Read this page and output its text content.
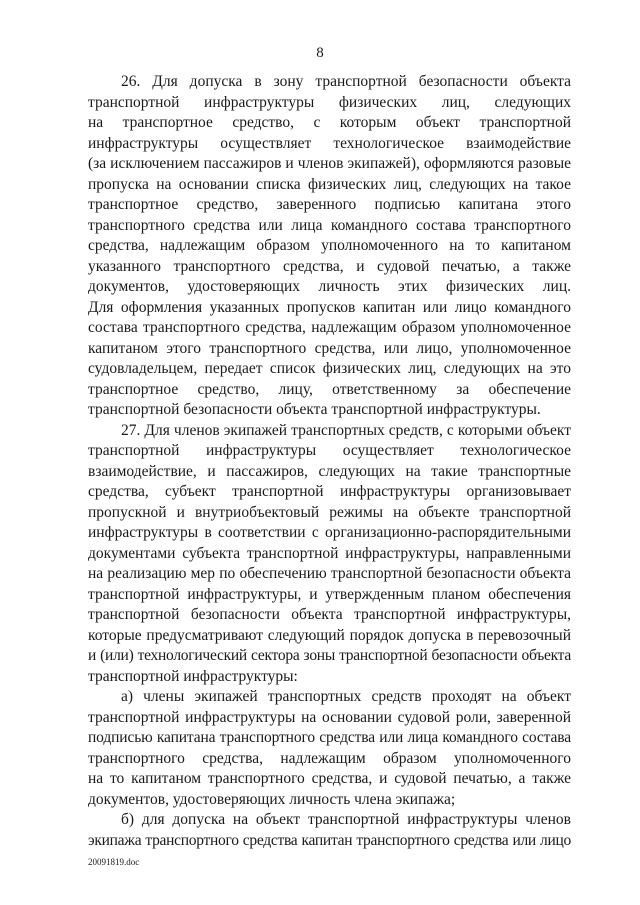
8

26. Для допуска в зону транспортной безопасности объекта
транспортной инфраструктуры физических лиц, следующих
на транспортное средство, с которым объект транспортной
инфраструктуры осуществляет технологическое взаимодействие
(за исключением пассажиров и членов экипажей), оформляются разовые
пропуска на основании списка физических лиц, следующих на такое
транспортное средство, заверенного подписью капитана этого
транспортного средства или лица командного состава транспортного
средства, надлежащим образом уполномоченного на то капитаном
указанного транспортного средства, и судовой печатью, а также
документов, удостоверяющих личность этих физических лиц.
Для оформления указанных пропусков капитан или лицо командного
состава транспортного средства, надлежащим образом уполномоченное
капитаном этого транспортного средства, или лицо, уполномоченное
судовладельцем, передает список физических лиц, следующих на это
транспортное средство, лицу, ответственному за обеспечение
транспортной безопасности объекта транспортной инфраструктуры.

27. Для членов экипажей транспортных средств, с которыми объект
транспортной инфраструктуры осуществляет технологическое
взаимодействие, и пассажиров, следующих на такие транспортные
средства, субъект транспортной инфраструктуры организовывает
пропускной и внутриобъектовый режимы на объекте транспортной
инфраструктуры в соответствии с организационно-распорядительными
документами субъекта транспортной инфраструктуры, направленными
на реализацию мер по обеспечению транспортной безопасности объекта
транспортной инфраструктуры, и утвержденным планом обеспечения
транспортной безопасности объекта транспортной инфраструктуры,
которые предусматривают следующий порядок допуска в перевозочный
и (или) технологический сектора зоны транспортной безопасности объекта
транспортной инфраструктуры:

а) члены экипажей транспортных средств проходят на объект
транспортной инфраструктуры на основании судовой роли, заверенной
подписью капитана транспортного средства или лица командного состава
транспортного средства, надлежащим образом уполномоченного
на то капитаном транспортного средства, и судовой печатью, а также
документов, удостоверяющих личность члена экипажа;

б) для допуска на объект транспортной инфраструктуры членов
экипажа транспортного средства капитан транспортного средства или лицо

20091819.doc
